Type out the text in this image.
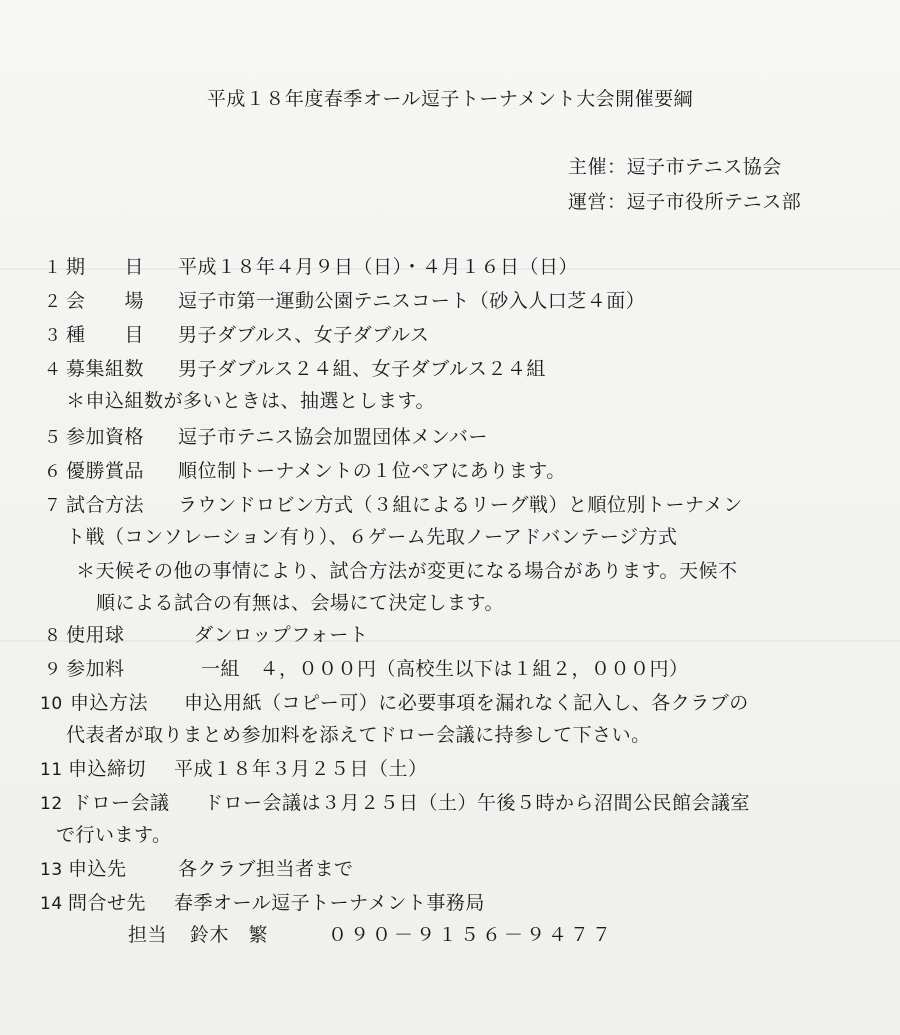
平成１８年度春季オール逗子トーナメント大会開催要綱
主催：逗子市テニス協会
運営：逗子市役所テニス部
１ 期　　日 平成１８年４月９日（日）・４月１６日（日）
２ 会　　場 逗子市第一運動公園テニスコート（砂入人口芝４面）
３ 種　　目 男子ダブルス、女子ダブルス
４ 募集組数 男子ダブルス２４組、女子ダブルス２４組
＊申込組数が多いときは、抽選とします。
５ 参加資格 逗子市テニス協会加盟団体メンバー
６ 優勝賞品 順位制トーナメントの１位ペアにあります。
７ 試合方法 ラウンドロビン方式（３組によるリーグ戦）と順位別トーナメン
ト戦（コンソレーション有り）、６ゲーム先取ノーアドバンテージ方式
＊天候その他の事情により、試合方法が変更になる場合があります。天候不
順による試合の有無は、会場にて決定します。
８ 使用球	ダンロップフォート
９ 参加料	一組　４，０００円（高校生以下は１組２，０００円）
10 申込方法 申込用紙（コピー可）に必要事項を漏れなく記入し、各クラブの
代表者が取りまとめ参加料を添えてドロー会議に持参して下さい。
11 申込締切 平成１８年３月２５日（土）
12 ドロー会議 ドロー会議は３月２５日（土）午後５時から沼間公民館会議室
で行います。
13 申込先	各クラブ担当者まで
14 問合せ先 春季オール逗子トーナメント事務局
担当 鈴木　繁	０９０－９１５６－９４７７
